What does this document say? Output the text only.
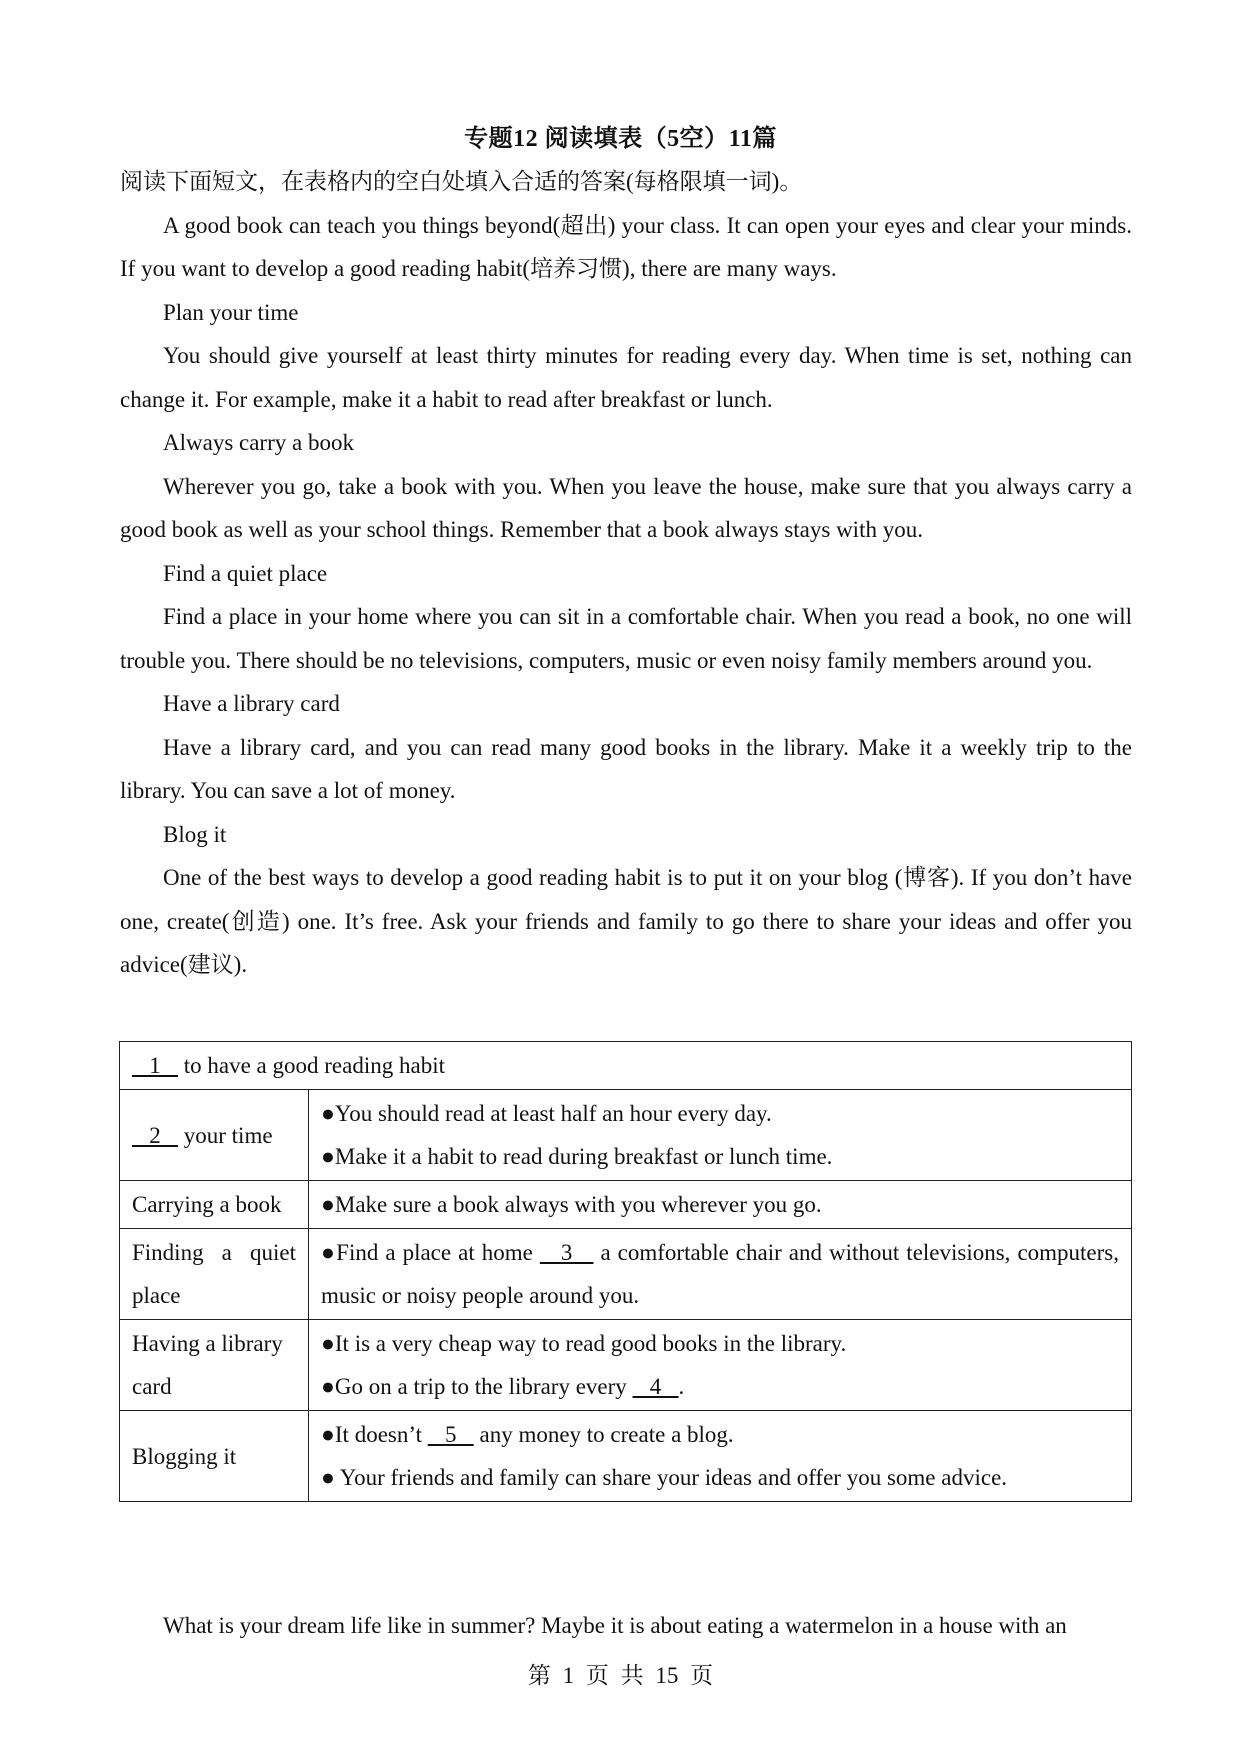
专题12 阅读填表（5空）11篇

阅读下面短文，在表格内的空白处填入合适的答案(每格限填一词)。

A good book can teach you things beyond(超出) your class. It can open your eyes and clear your minds. If you want to develop a good reading habit(培养习惯), there are many ways.

Plan your time

You should give yourself at least thirty minutes for reading every day. When time is set, nothing can change it. For example, make it a habit to read after breakfast or lunch.

Always carry a book

Wherever you go, take a book with you. When you leave the house, make sure that you always carry a good book as well as your school things. Remember that a book always stays with you.

Find a quiet place

Find a place in your home where you can sit in a comfortable chair. When you read a book, no one will trouble you. There should be no televisions, computers, music or even noisy family members around you.

Have a library card

Have a library card, and you can read many good books in the library. Make it a weekly trip to the library. You can save a lot of money.

Blog it

One of the best ways to develop a good reading habit is to put it on your blog (博客). If you don’t have one, create(创造) one. It’s free. Ask your friends and family to go there to share your ideas and offer you advice(建议).

1    to have a good reading habit	
2    your time	●You should read at least half an hour every day.
●Make it a habit to read during breakfast or lunch time.

Carrying a book	●Make sure a book always with you wherever you go.

Finding a quiet place	●Find a place at home    3    a comfortable chair and without televisions, computers, music or noisy people around you.
Having a library card	●It is a very cheap way to read good books in the library.
●Go on a trip to the library every    4   .

Blogging it	●It doesn’t    5    any money to create a blog.
● Your friends and family can share your ideas and offer you some advice.
What is your dream life like in summer? Maybe it is about eating a watermelon in a house with an
第 1 页 共 15 页
